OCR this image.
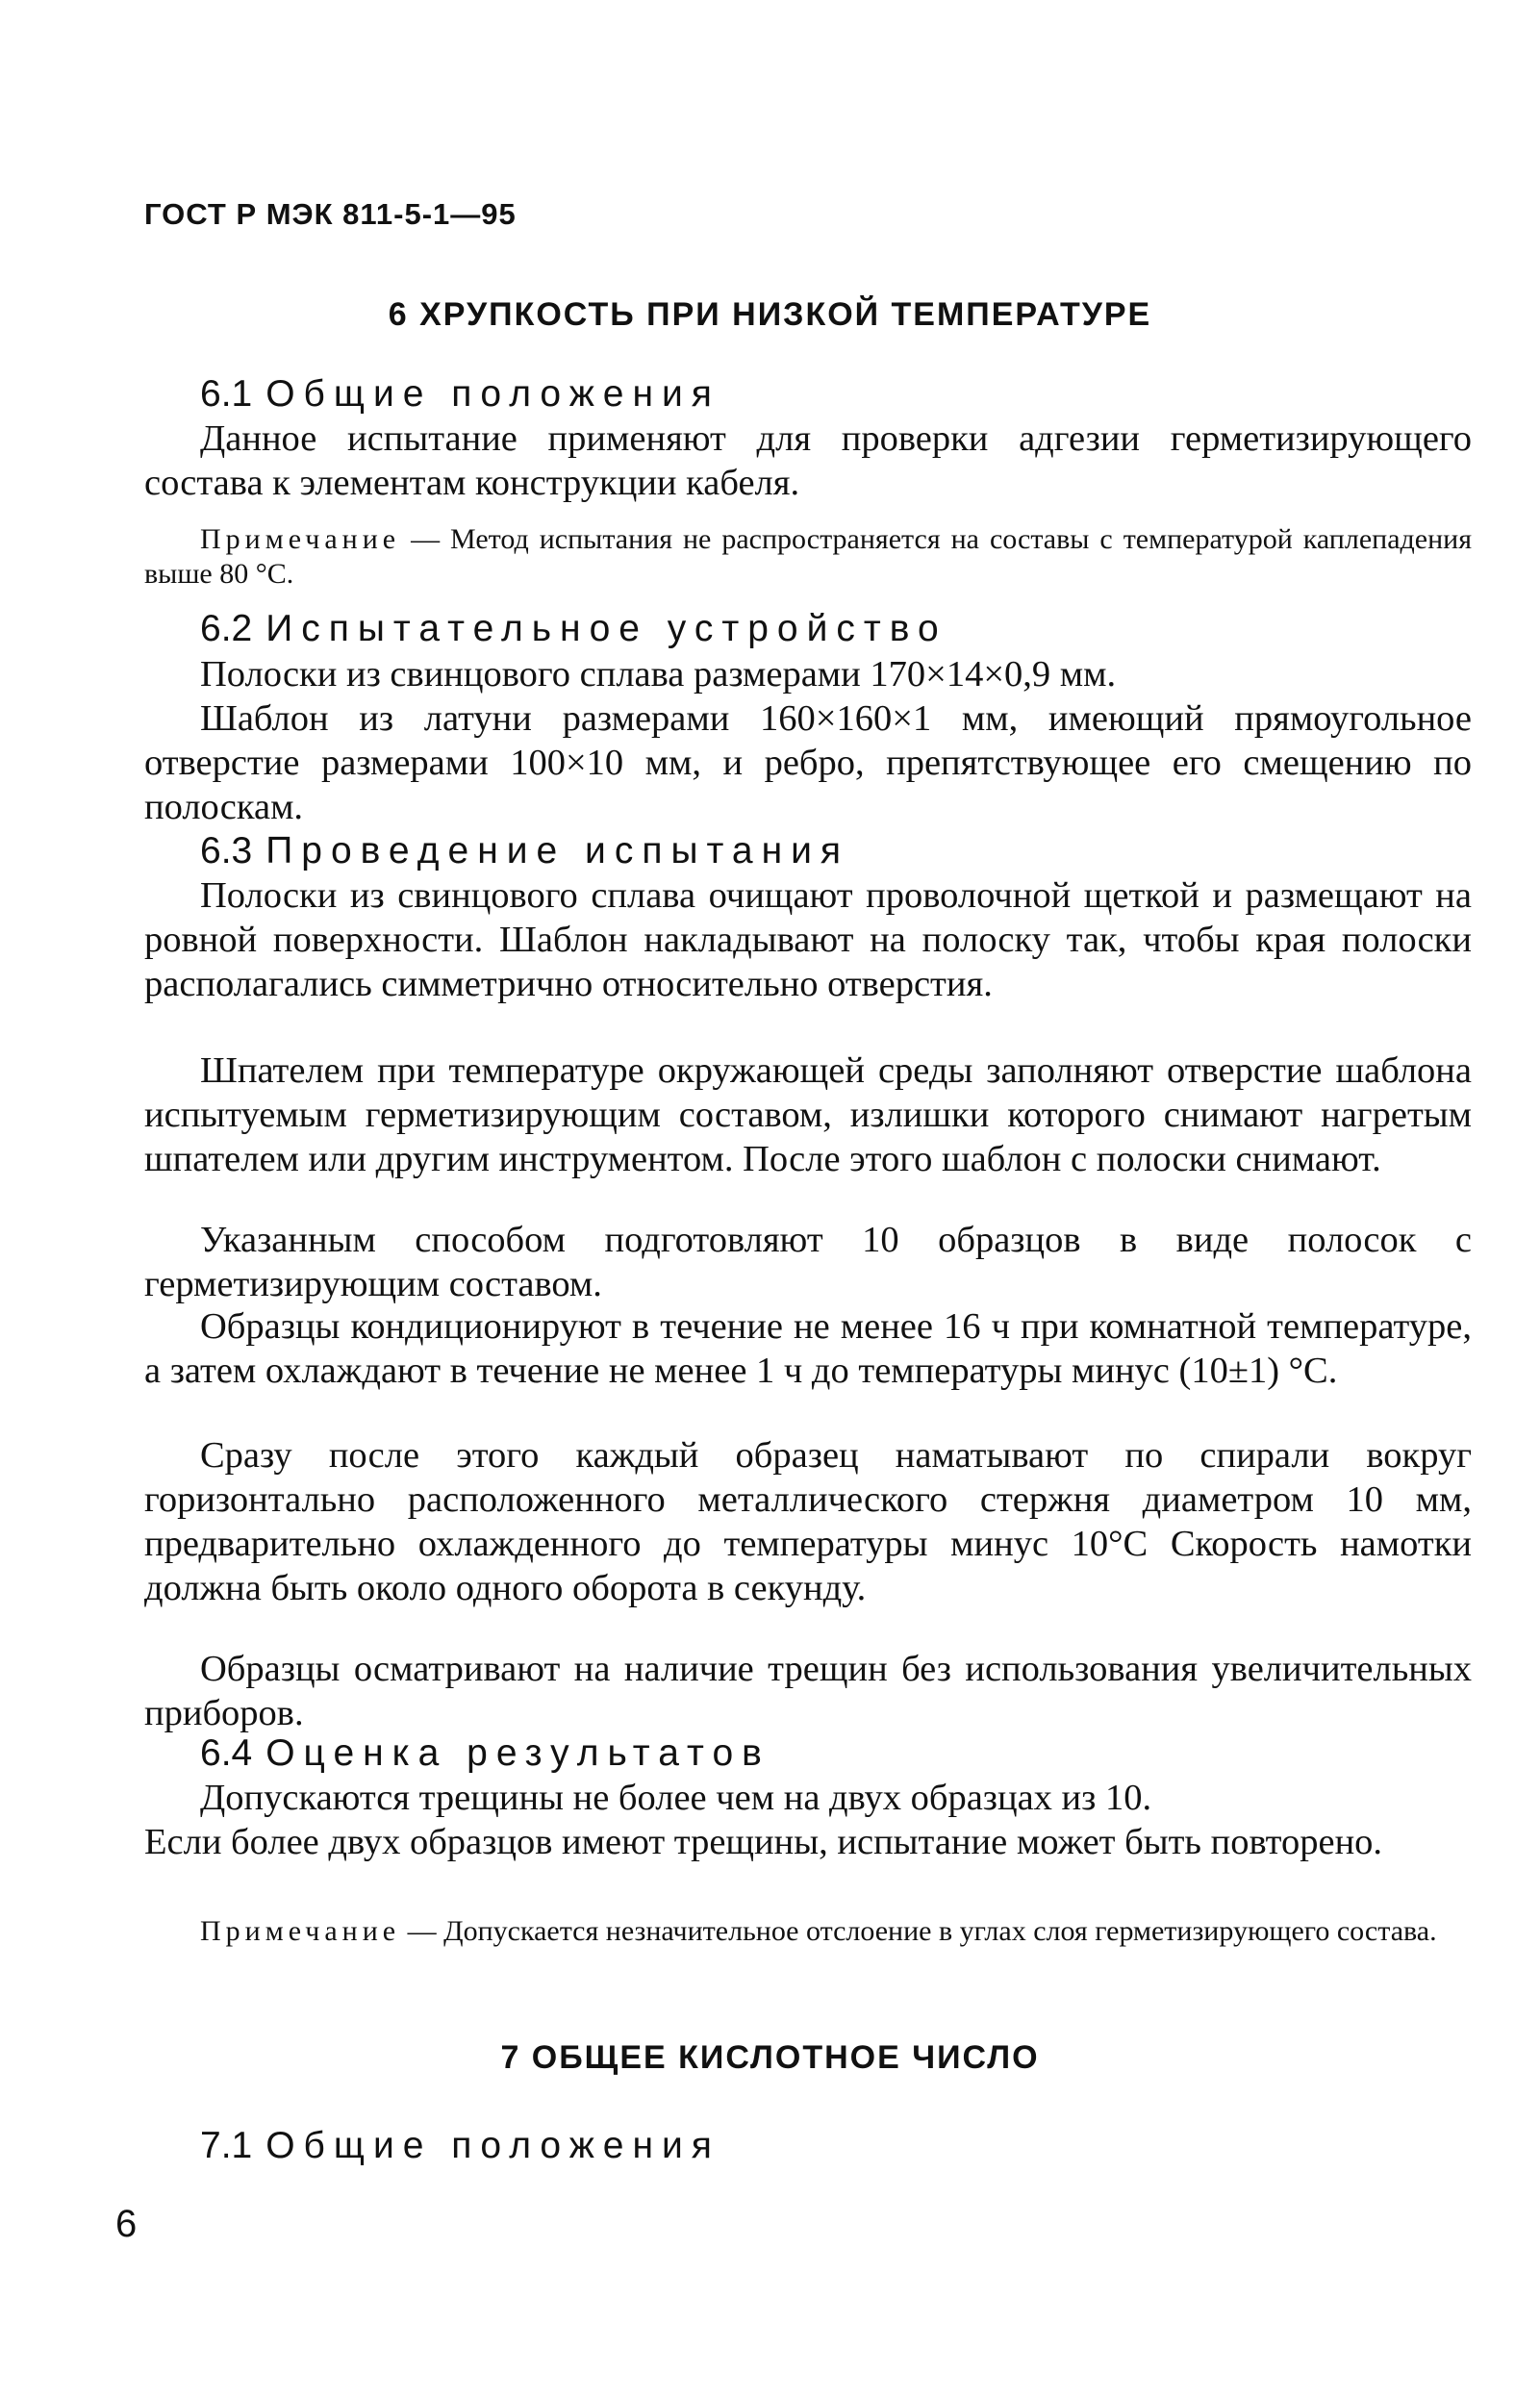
ГОСТ Р МЭК 811-5-1—95
6 ХРУПКОСТЬ ПРИ НИЗКОЙ ТЕМПЕРАТУРЕ
6.1 Общие положения
Данное испытание применяют для проверки адгезии герметизирующего состава к элементам конструкции кабеля.
Примечание — Метод испытания не распространяется на составы с температурой каплепадения выше 80 °С.
6.2 Испытательное устройство
Полоски из свинцового сплава размерами 170×14×0,9 мм.
Шаблон из латуни размерами 160×160×1 мм, имеющий прямоугольное отверстие размерами 100×10 мм, и ребро, препятствующее его смещению по полоскам.
6.3 Проведение испытания
Полоски из свинцового сплава очищают проволочной щеткой и размещают на ровной поверхности. Шаблон накладывают на полоску так, чтобы края полоски располагались симметрично относительно отверстия.
Шпателем при температуре окружающей среды заполняют отверстие шаблона испытуемым герметизирующим составом, излишки которого снимают нагретым шпателем или другим инструментом. После этого шаблон с полоски снимают.
Указанным способом подготовляют 10 образцов в виде полосок с герметизирующим составом.
Образцы кондиционируют в течение не менее 16 ч при комнатной температуре, а затем охлаждают в течение не менее 1 ч до температуры минус (10±1) °С.
Сразу после этого каждый образец наматывают по спирали вокруг горизонтально расположенного металлического стержня диаметром 10 мм, предварительно охлажденного до температуры минус 10°С Скорость намотки должна быть около одного оборота в секунду.
Образцы осматривают на наличие трещин без использования увеличительных приборов.
6.4 Оценка результатов
Допускаются трещины не более чем на двух образцах из 10.
Если более двух образцов имеют трещины, испытание может быть повторено.
Примечание — Допускается незначительное отслоение в углах слоя герметизирующего состава.
7 ОБЩЕЕ КИСЛОТНОЕ ЧИСЛО
7.1 Общие положения
6
